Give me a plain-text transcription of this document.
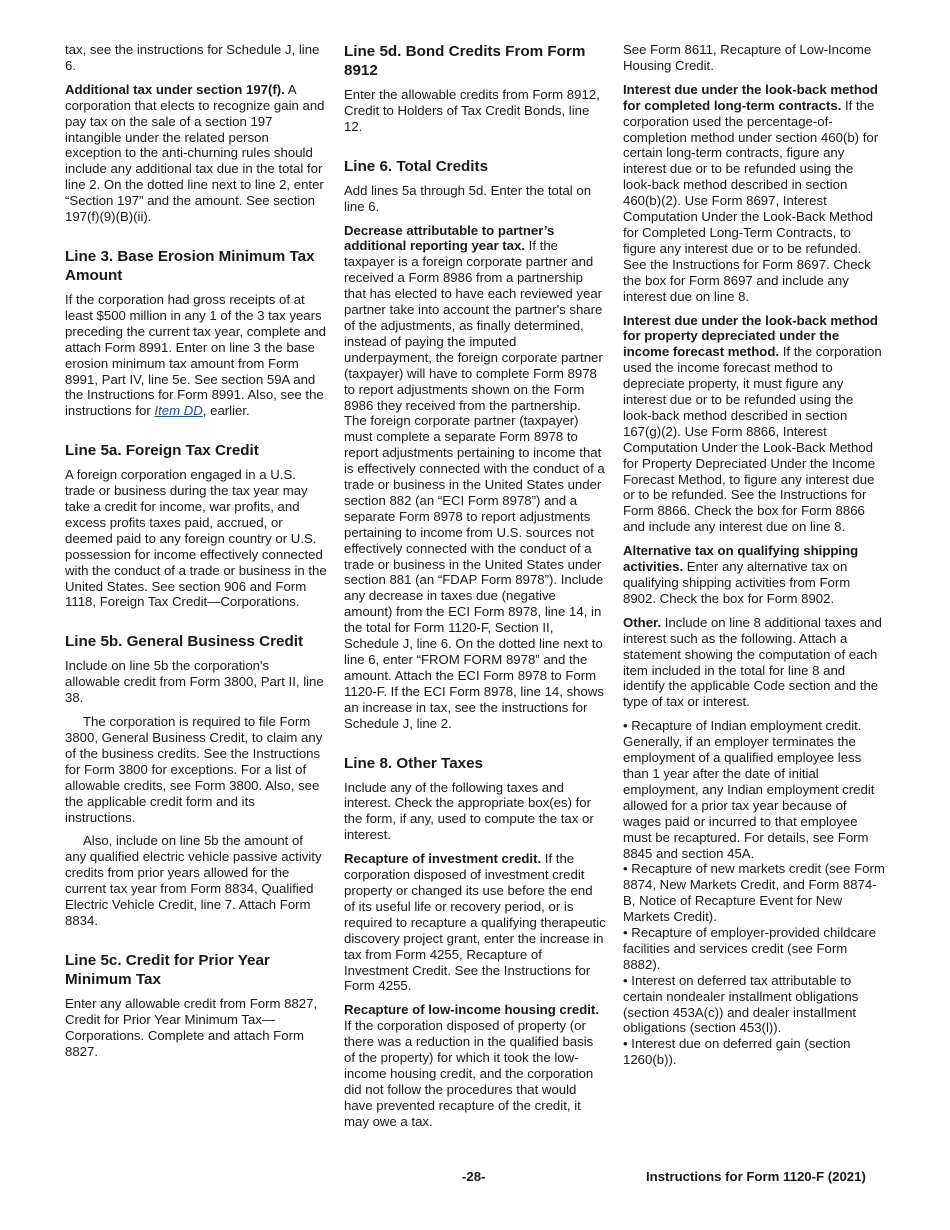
tax, see the instructions for Schedule J, line 6.

Additional tax under section 197(f). A corporation that elects to recognize gain and pay tax on the sale of a section 197 intangible under the related person exception to the anti-churning rules should include any additional tax due in the total for line 2. On the dotted line next to line 2, enter “Section 197” and the amount. See section 197(f)(9)(B)(ii).

Line 3. Base Erosion Minimum Tax Amount

If the corporation had gross receipts of at least $500 million in any 1 of the 3 tax years preceding the current tax year, complete and attach Form 8991. Enter on line 3 the base erosion minimum tax amount from Form 8991, Part IV, line 5e. See section 59A and the Instructions for Form 8991. Also, see the instructions for Item DD, earlier.

Line 5a. Foreign Tax Credit

A foreign corporation engaged in a U.S. trade or business during the tax year may take a credit for income, war profits, and excess profits taxes paid, accrued, or deemed paid to any foreign country or U.S. possession for income effectively connected with the conduct of a trade or business in the United States. See section 906 and Form 1118, Foreign Tax Credit—Corporations.

Line 5b. General Business Credit

Include on line 5b the corporation's allowable credit from Form 3800, Part II, line 38.

The corporation is required to file Form 3800, General Business Credit, to claim any of the business credits. See the Instructions for Form 3800 for exceptions. For a list of allowable credits, see Form 3800. Also, see the applicable credit form and its instructions.

Also, include on line 5b the amount of any qualified electric vehicle passive activity credits from prior years allowed for the current tax year from Form 8834, Qualified Electric Vehicle Credit, line 7. Attach Form 8834.

Line 5c. Credit for Prior Year Minimum Tax

Enter any allowable credit from Form 8827, Credit for Prior Year Minimum Tax—Corporations. Complete and attach Form 8827.

Line 5d. Bond Credits From Form 8912

Enter the allowable credits from Form 8912, Credit to Holders of Tax Credit Bonds, line 12.

Line 6. Total Credits

Add lines 5a through 5d. Enter the total on line 6.

Decrease attributable to partner’s additional reporting year tax. If the taxpayer is a foreign corporate partner and received a Form 8986 from a partnership that has elected to have each reviewed year partner take into account the partner's share of the adjustments, as finally determined, instead of paying the imputed underpayment, the foreign corporate partner (taxpayer) will have to complete Form 8978 to report adjustments shown on the Form 8986 they received from the partnership. The foreign corporate partner (taxpayer) must complete a separate Form 8978 to report adjustments pertaining to income that is effectively connected with the conduct of a trade or business in the United States under section 882 (an “ECI Form 8978”) and a separate Form 8978 to report adjustments pertaining to income from U.S. sources not effectively connected with the conduct of a trade or business in the United States under section 881 (an “FDAP Form 8978”). Include any decrease in taxes due (negative amount) from the ECI Form 8978, line 14, in the total for Form 1120-F, Section II, Schedule J, line 6. On the dotted line next to line 6, enter “FROM FORM 8978” and the amount. Attach the ECI Form 8978 to Form 1120-F. If the ECI Form 8978, line 14, shows an increase in tax, see the instructions for Schedule J, line 2.

Line 8. Other Taxes

Include any of the following taxes and interest. Check the appropriate box(es) for the form, if any, used to compute the tax or interest.

Recapture of investment credit. If the corporation disposed of investment credit property or changed its use before the end of its useful life or recovery period, or is required to recapture a qualifying therapeutic discovery project grant, enter the increase in tax from Form 4255, Recapture of Investment Credit. See the Instructions for Form 4255.

Recapture of low-income housing credit. If the corporation disposed of property (or there was a reduction in the qualified basis of the property) for which it took the low-income housing credit, and the corporation did not follow the procedures that would have prevented recapture of the credit, it may owe a tax.

See Form 8611, Recapture of Low-Income Housing Credit.

Interest due under the look-back method for completed long-term contracts. If the corporation used the percentage-of-completion method under section 460(b) for certain long-term contracts, figure any interest due or to be refunded using the look-back method described in section 460(b)(2). Use Form 8697, Interest Computation Under the Look-Back Method for Completed Long-Term Contracts, to figure any interest due or to be refunded. See the Instructions for Form 8697. Check the box for Form 8697 and include any interest due on line 8.

Interest due under the look-back method for property depreciated under the income forecast method. If the corporation used the income forecast method to depreciate property, it must figure any interest due or to be refunded using the look-back method described in section 167(g)(2). Use Form 8866, Interest Computation Under the Look-Back Method for Property Depreciated Under the Income Forecast Method, to figure any interest due or to be refunded. See the Instructions for Form 8866. Check the box for Form 8866 and include any interest due on line 8.

Alternative tax on qualifying shipping activities. Enter any alternative tax on qualifying shipping activities from Form 8902. Check the box for Form 8902.

Other. Include on line 8 additional taxes and interest such as the following. Attach a statement showing the computation of each item included in the total for line 8 and identify the applicable Code section and the type of tax or interest.

• Recapture of Indian employment credit. Generally, if an employer terminates the employment of a qualified employee less than 1 year after the date of initial employment, any Indian employment credit allowed for a prior tax year because of wages paid or incurred to that employee must be recaptured. For details, see Form 8845 and section 45A.

• Recapture of new markets credit (see Form 8874, New Markets Credit, and Form 8874-B, Notice of Recapture Event for New Markets Credit).

• Recapture of employer-provided childcare facilities and services credit (see Form 8882).

• Interest on deferred tax attributable to certain nondealer installment obligations (section 453A(c)) and dealer installment obligations (section 453(l)).

• Interest due on deferred gain (section 1260(b)).

-28-	Instructions for Form 1120-F (2021)
